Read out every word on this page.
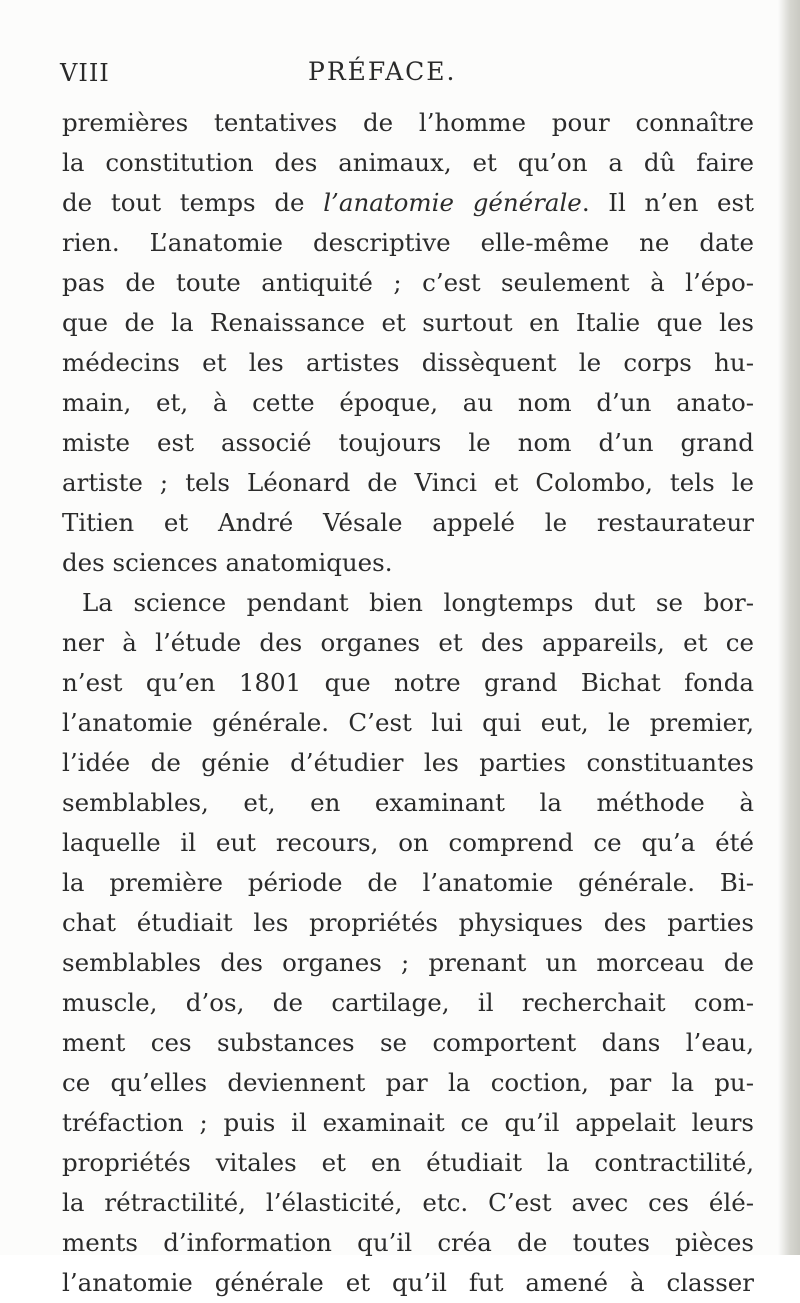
VIII	PRÉFACE.
premières tentatives de l’homme pour connaître
la constitution des animaux, et qu’on a dû faire
de tout temps de l’anatomie générale. Il n’en est
rien. L’anatomie descriptive elle-même ne date
pas de toute antiquité ; c’est seulement à l’épo-
que de la Renaissance et surtout en Italie que les
médecins et les artistes dissèquent le corps hu-
main, et, à cette époque, au nom d’un anato-
miste est associé toujours le nom d’un grand
artiste ; tels Léonard de Vinci et Colombo, tels le
Titien et André Vésale appelé le restaurateur
des sciences anatomiques.
La science pendant bien longtemps dut se bor-
ner à l’étude des organes et des appareils, et ce
n’est qu’en 1801 que notre grand Bichat fonda
l’anatomie générale. C’est lui qui eut, le premier,
l’idée de génie d’étudier les parties constituantes
semblables, et, en examinant la méthode à
laquelle il eut recours, on comprend ce qu’a été
la première période de l’anatomie générale. Bi-
chat étudiait les propriétés physiques des parties
semblables des organes ; prenant un morceau de
muscle, d’os, de cartilage, il recherchait com-
ment ces substances se comportent dans l’eau,
ce qu’elles deviennent par la coction, par la pu-
tréfaction ; puis il examinait ce qu’il appelait leurs
propriétés vitales et en étudiait la contractilité,
la rétractilité, l’élasticité, etc. C’est avec ces élé-
ments d’information qu’il créa de toutes pièces
l’anatomie générale et qu’il fut amené à classer
